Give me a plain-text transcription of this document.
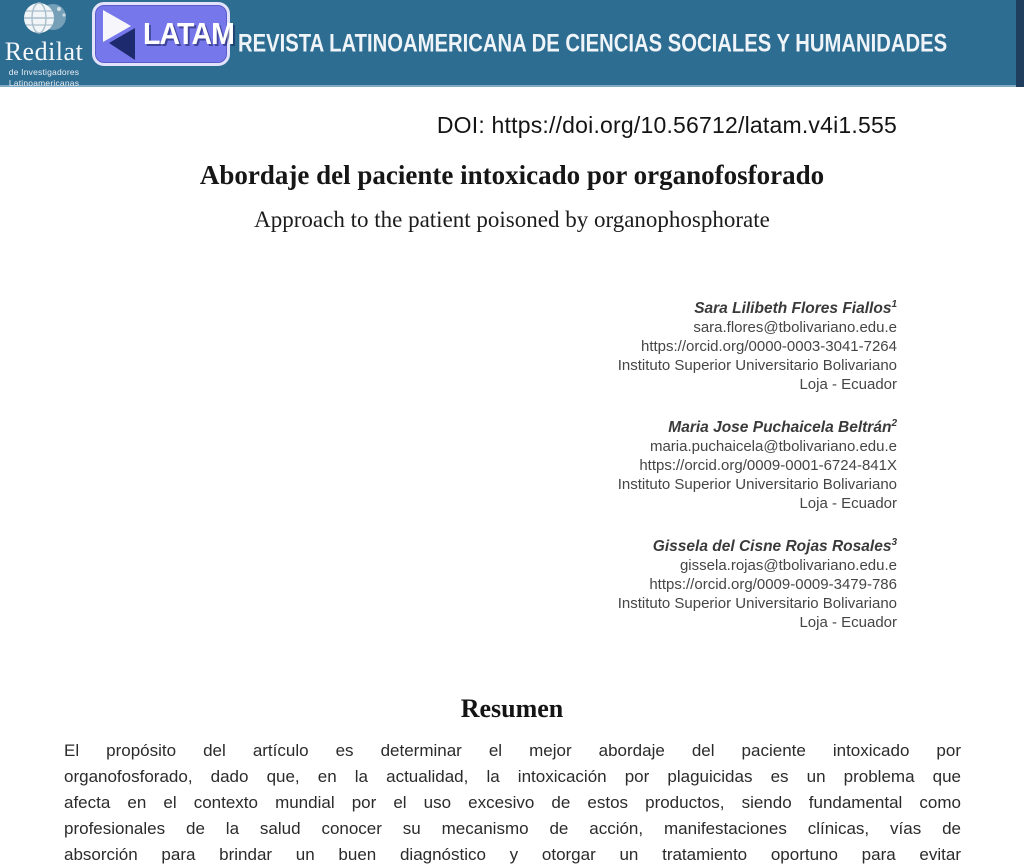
Redilat
de Investigadores
Latinoamericanas
LATAM REVISTA LATINOAMERICANA DE CIENCIAS SOCIALES Y HUMANIDADES
DOI: https://doi.org/10.56712/latam.v4i1.555
Abordaje del paciente intoxicado por organofosforado
Approach to the patient poisoned by organophosphorate
Sara Lilibeth Flores Fiallos$^1$
sara.flores@tbolivariano.edu.e
https://orcid.org/0000-0003-3041-7264
Instituto Superior Universitario Bolivariano
Loja - Ecuador
Maria Jose Puchaicela Beltrán$^2$
maria.puchaicela@tbolivariano.edu.e
https://orcid.org/0009-0001-6724-841X
Instituto Superior Universitario Bolivariano
Loja - Ecuador
Gissela del Cisne Rojas Rosales$^3$
gissela.rojas@tbolivariano.edu.e
https://orcid.org/0009-0009-3479-786
Instituto Superior Universitario Bolivariano
Loja - Ecuador
Resumen
El propósito del artículo es determinar el mejor abordaje del paciente intoxicado por
organofosforado, dado que, en la actualidad, la intoxicación por plaguicidas es un problema que
afecta en el contexto mundial por el uso excesivo de estos productos, siendo fundamental como
profesionales de la salud conocer su mecanismo de acción, manifestaciones clínicas, vías de
absorción para brindar un buen diagnóstico y otorgar un tratamiento oportuno para evitar
